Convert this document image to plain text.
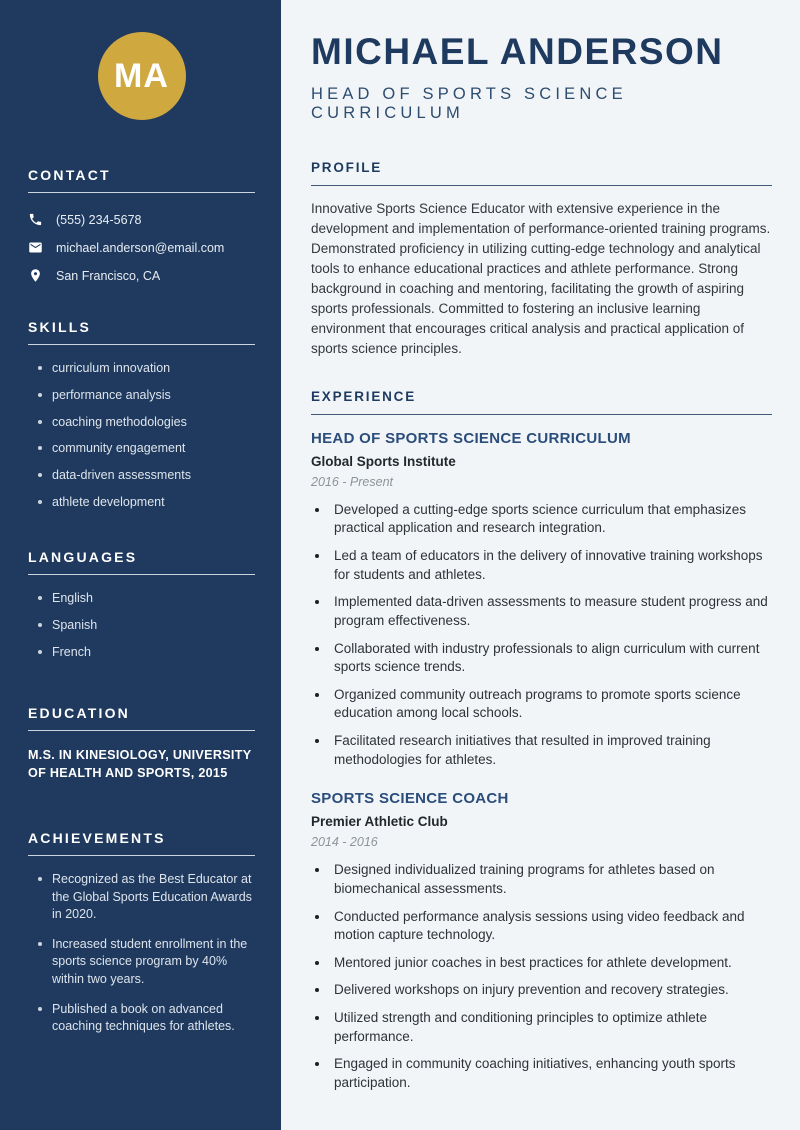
MA
CONTACT
(555) 234-5678
michael.anderson@email.com
San Francisco, CA
SKILLS
curriculum innovation
performance analysis
coaching methodologies
community engagement
data-driven assessments
athlete development
LANGUAGES
English
Spanish
French
EDUCATION

M.S. IN KINESIOLOGY, UNIVERSITY OF HEALTH AND SPORTS, 2015

ACHIEVEMENTS
Recognized as the Best Educator at the Global Sports Education Awards in 2020.
Increased student enrollment in the sports science program by 40% within two years.
Published a book on advanced coaching techniques for athletes.
MICHAEL ANDERSON
HEAD OF SPORTS SCIENCE CURRICULUM
PROFILE

Innovative Sports Science Educator with extensive experience in the development and implementation of performance-oriented training programs. Demonstrated proficiency in utilizing cutting-edge technology and analytical tools to enhance educational practices and athlete performance. Strong background in coaching and mentoring, facilitating the growth of aspiring sports professionals. Committed to fostering an inclusive learning environment that encourages critical analysis and practical application of sports science principles.

EXPERIENCE
HEAD OF SPORTS SCIENCE CURRICULUM
Global Sports Institute
2016 - Present
• Developed a cutting-edge sports science curriculum that emphasizes practical application and research integration.
• Led a team of educators in the delivery of innovative training workshops for students and athletes.
• Implemented data-driven assessments to measure student progress and program effectiveness.
• Collaborated with industry professionals to align curriculum with current sports science trends.
• Organized community outreach programs to promote sports science education among local schools.
• Facilitated research initiatives that resulted in improved training methodologies for athletes.
SPORTS SCIENCE COACH
Premier Athletic Club
2014 - 2016
• Designed individualized training programs for athletes based on biomechanical assessments.
• Conducted performance analysis sessions using video feedback and motion capture technology.
• Mentored junior coaches in best practices for athlete development.
• Delivered workshops on injury prevention and recovery strategies.
• Utilized strength and conditioning principles to optimize athlete performance.
• Engaged in community coaching initiatives, enhancing youth sports participation.
